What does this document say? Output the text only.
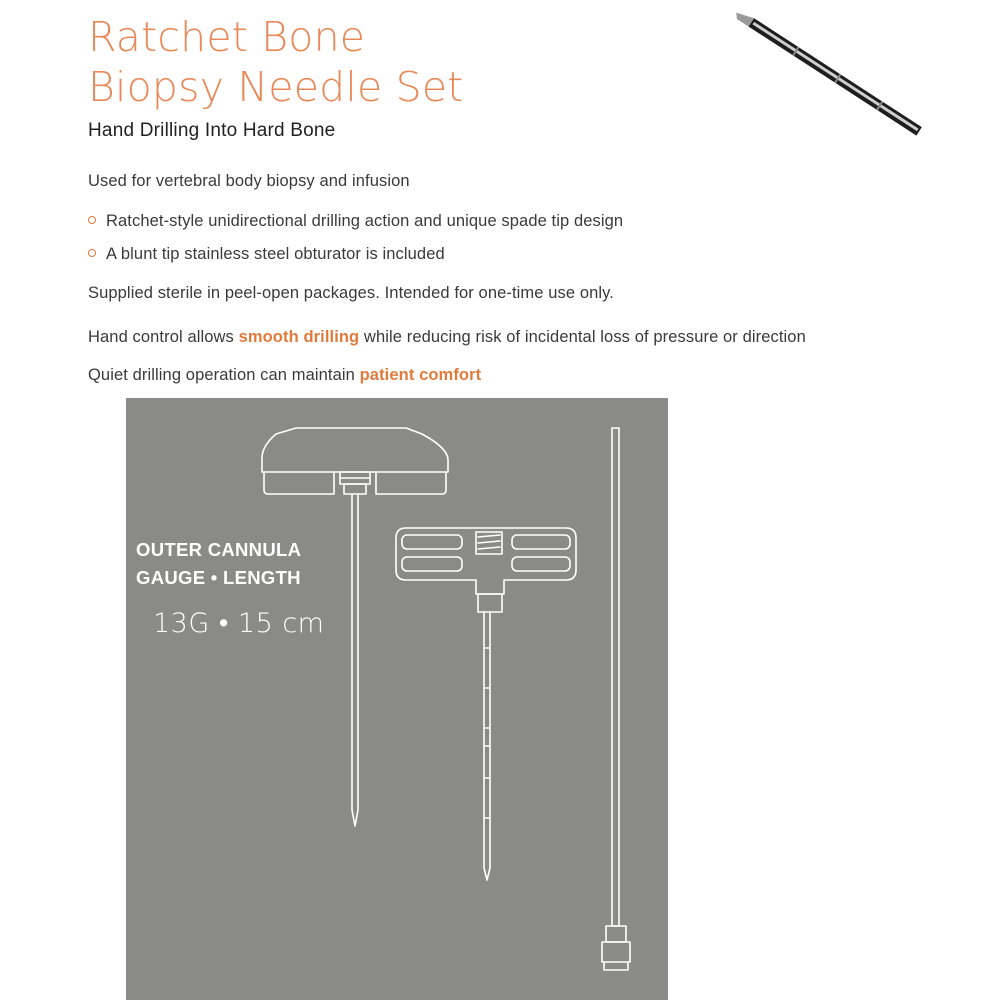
Ratchet Bone
Biopsy Needle Set
Hand Drilling Into Hard Bone

Used for vertebral body biopsy and infusion

Ratchet-style unidirectional drilling action and unique spade tip design

A blunt tip stainless steel obturator is included

Supplied sterile in peel-open packages. Intended for one-time use only.

Hand control allows smooth drilling while reducing risk of incidental loss of pressure or direction

Quiet drilling operation can maintain patient comfort

OUTER CANNULA
GAUGE • LENGTH

13G • 15 cm
